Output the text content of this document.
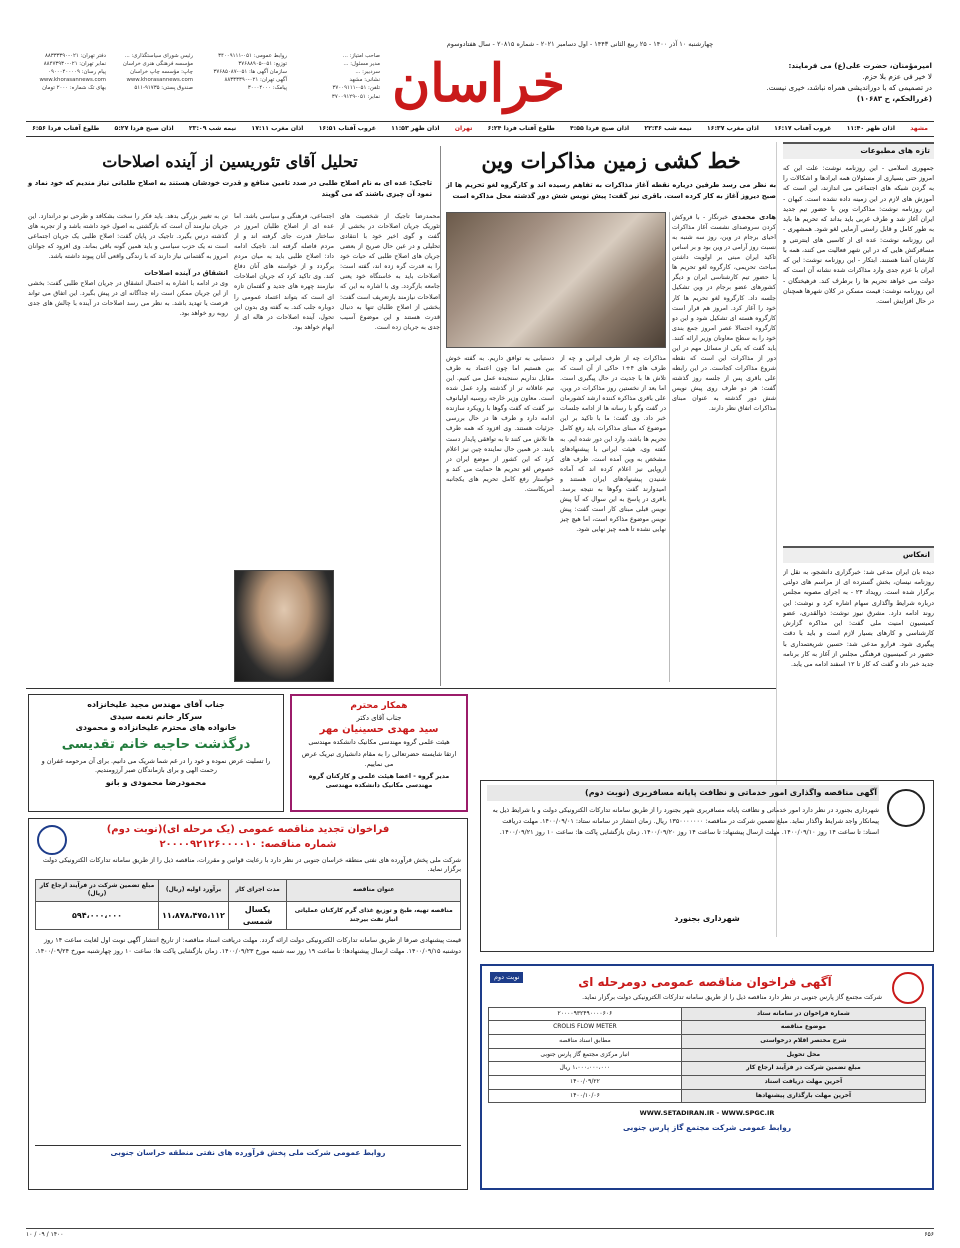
چهارشنبه ۱۰ آذر ۱۴۰۰ - ۲۵ ربیع الثانی ۱۴۴۳ - اول دسامبر ۲۰۲۱ - شماره ۲۰۸۱۵ - سال هفتادوسوم
خراسان	امیرمؤمنان، حضرت علی(ع) می فرمایند:
لا خیر فی عزم بلا حزم.
در تصمیمی که با دوراندیشی همراه نباشد، خیری نیست.
(غررالحکم، ح ۱۰۶۸۳)
صاحب امتیاز: ...
مدیر مسئول: ...
سردبیر: ...
نشانی: مشهد
تلفن: ۰۵۱-۳۷۰۰۹۱۱۱
نمابر: ۰۵۱-۳۷۰۰۹۱۲۹
روابط عمومی: ۰۵۱-۳۴۰۰۹۱۱۱
توزیع: ۰۵۱-۳۷۶۸۸۹۰۵
سازمان آگهی ها: ۰۵۱-۳۷۶۸۵۰۸۷
آگهی تهران: ۰۲۱-۸۸۳۳۳۳۹۰
پیامک: ۳۰۰۰۴۰۰۰
رئیس شورای سیاستگذاری: ...
مؤسسه فرهنگی هنری خراسان
چاپ: مؤسسه چاپ خراسان
www.khorasannews.com
صندوق پستی: ۹۱۷۳۵-۵۱۱
دفتر تهران: ۰۲۱-۸۸۳۳۳۳۹۰
نمابر تهران: ۰۲۱-۸۸۴۷۳۹۳۰
پیام رسان: ۰۹۰۰۰۴۰۰۰۰۹
www.khorasannews.com
بهای تک شماره: ۲۰۰۰ تومان
مشهد
اذان ظهر ۱۱:۴۰
غروب آفتاب ۱۶:۱۷
اذان مغرب ۱۶:۳۷
نیمه شب ۲۲:۳۶
اذان صبح فردا ۴:۵۵
طلوع آفتاب فردا ۶:۲۴
تهران
اذان ظهر ۱۱:۵۳
غروب آفتاب ۱۶:۵۱
اذان مغرب ۱۷:۱۱
نیمه شب ۲۳:۰۹
اذان صبح فردا ۵:۲۷
طلوع آفتاب فردا ۶:۵۶
تازه های مطبوعات
جمهوری اسلامی - این روزنامه نوشت: علت این که امروز حتی بسیاری از مسئولان همه ایرادها و اشکالات را به گردن شبکه های اجتماعی می اندازند، این است که آموزش های لازم در این زمینه داده نشده است. کیهان - این روزنامه نوشت: مذاکرات وین با حضور تیم جدید ایران آغاز شد و طرف غربی باید بداند که تحریم ها باید به طور کامل و قابل راستی آزمایی لغو شود. همشهری - این روزنامه نوشت: عده ای از کاسبی های اینترنتی و مسافرکش هایی که در این شهر فعالیت می کنند، همه با کارشان آشنا هستند. ابتکار - این روزنامه نوشت: این که ایران با عزم جدی وارد مذاکرات شده نشانه آن است که دولت می خواهد تحریم ها را برطرف کند. فرهیختگان - این روزنامه نوشت: قیمت مسکن در کلان شهرها همچنان در حال افزایش است.
انعکاس
دیده بان ایران مدعی شد: خبرگزاری دانشجو، به نقل از روزنامه نیسان، بخش گسترده ای از مراسم های دولتی برگزار شده است. رویداد ۲۴ - به اجرای مصوبه مجلس درباره شرایط واگذاری سهام اشاره کرد و نوشت: این روند ادامه دارد. مشرق نیوز نوشت: ذوالقدری، عضو کمیسیون امنیت ملی گفت: این مذاکره گزارش کارشناسی و کارهای بسیار لازم است و باید با دقت پیگیری شود. فرارو مدعی شد: حسین شریعتمداری با حضور در کمیسیون فرهنگی مجلس از آغاز به کار برنامه جدید خبر داد و گفت که کار تا ۱۲ اسفند ادامه می یابد.
خط کشی زمین مذاکرات وین
به نظر می رسد طرفین درباره نقطه آغاز مذاکرات به تفاهم رسیده اند و کارگروه لغو تحریم ها از صبح دیروز آغاز به کار کرده است. باقری نیز گفت: پیش نویس شش دور گذشته محل مذاکره است
هادی محمدی خبرنگار - با فروکش کردن سروصدای نشست آغاز مذاکرات احیای برجام در وین، روز سه شنبه به نسبت روز آرامی در وین بود و بر اساس تاکید ایران مبنی بر اولویت داشتن مباحث تحریمی، کارگروه لغو تحریم ها با حضور تیم کارشناسی ایران و دیگر کشورهای عضو برجام در وین تشکیل جلسه داد. کارگروه لغو تحریم ها کار خود را آغاز کرد. امروز هم قرار است کارگروه هسته ای تشکیل شود و این دو کارگروه احتمالا عصر امروز جمع بندی خود را به سطح معاونان وزیر ارائه کنند. باید گفت که یکی از مسائل مهم در این دور از مذاکرات این است که نقطه شروع مذاکرات کجاست. در این رابطه علی باقری پس از جلسه روز گذشته گفت: هر دو طرف روی پیش نویس شش دور گذشته به عنوان مبنای مذاکرات اتفاق نظر دارند.
مذاکرات چه از طرف ایرانی و چه از طرف های ۴+۱ حاکی از آن است که تلاش ها با جدیت در حال پیگیری است. اما بعد از نخستین روز مذاکرات در وین، علی باقری مذاکره کننده ارشد کشورمان در گفت وگو با رسانه ها از ادامه جلسات خبر داد. وی گفت: ما با تاکید بر این موضوع که مبنای مذاکرات باید رفع کامل تحریم ها باشد، وارد این دور شده ایم. به گفته وی، هیئت ایرانی با پیشنهادهای مشخص به وین آمده است. طرف های اروپایی نیز اعلام کرده اند که آماده شنیدن پیشنهادهای ایران هستند و امیدوارند گفت وگوها به نتیجه برسد. باقری در پاسخ به این سوال که آیا پیش نویس قبلی مبنای کار است گفت: پیش نویس موضوع مذاکره است، اما هیچ چیز نهایی نشده تا همه چیز نهایی شود.
دستیابی به توافق داریم. به گفته خوش بین هستیم اما چون اعتماد به طرف مقابل نداریم سنجیده عمل می کنیم. این تیم عاقلانه تر از گذشته وارد عمل شده است. معاون وزیر خارجه روسیه اولیانوف نیز گفت که گفت وگوها با رویکرد سازنده ادامه دارد و طرف ها در حال بررسی جزئیات هستند. وی افزود که همه طرف ها تلاش می کنند تا به توافقی پایدار دست یابند. در همین حال نماینده چین نیز اعلام کرد که این کشور از موضع ایران در خصوص لغو تحریم ها حمایت می کند و خواستار رفع کامل تحریم های یکجانبه آمریکاست.
تحلیل آقای تئوریسین از آینده اصلاحات
تاجیک: عده ای به نام اصلاح طلبی در صدد تامین منافع و قدرت خودشان هستند به اصلاح طلبانی نیاز مندیم که خود نماد و نمود آن چیزی باشند که می گویند
محمدرضا تاجیک از شخصیت های تئوریک جریان اصلاحات در بخشی از گفت و گوی اخیر خود با انتقادی تحلیلی و در عین حال صریح از بعضی جریان های اصلاح طلبی که حیات خود را به قدرت گره زده اند، گفته است: اصلاحات باید به خاستگاه خود یعنی جامعه بازگردد. وی با اشاره به این که اصلاحات نیازمند بازتعریف است گفت: بخشی از اصلاح طلبان تنها به دنبال قدرت هستند و این موضوع آسیب جدی به جریان زده است.
اجتماعی، فرهنگی و سیاسی باشد. اما عده ای از اصلاح طلبان امروز در ساختار قدرت جای گرفته اند و از مردم فاصله گرفته اند. تاجیک ادامه داد: اصلاح طلبی باید به میان مردم برگردد و از خواسته های آنان دفاع کند. وی تاکید کرد که جریان اصلاحات نیازمند چهره های جدید و گفتمان تازه ای است که بتواند اعتماد عمومی را دوباره جلب کند. به گفته وی بدون این تحول، آینده اصلاحات در هاله ای از ابهام خواهد بود.
تن به تغییر بزرگی بدهد. باید فکر را سخت بشکافد و طرحی نو دراندازد. این جریان نیازمند آن است که بازگشتی به اصول خود داشته باشد و از تجربه های گذشته درس بگیرد. تاجیک در پایان گفت: اصلاح طلبی یک جریان اجتماعی است نه یک حزب سیاسی و باید همین گونه باقی بماند. وی افزود که جوانان امروز به گفتمانی نیاز دارند که با زندگی واقعی آنان پیوند داشته باشد.
انشقاق در آینده اصلاحات
وی در ادامه با اشاره به احتمال انشقاق در جریان اصلاح طلبی گفت: بخشی از این جریان ممکن است راه جداگانه ای در پیش بگیرد. این اتفاق می تواند فرصت یا تهدید باشد. به نظر می رسد اصلاحات در آینده با چالش های جدی روبه رو خواهد بود.
همکار محترم
جناب آقای دکتر
سید مهدی حسینیان مهر
هیئت علمی گروه مهندسی مکانیک دانشکده مهندسی
ارتقا شایسته حضرتعالی را به مقام دانشیاری تبریک عرض می نماییم.
مدیر گروه - اعضا هیئت علمی و کارکنان گروه مهندسی مکانیک دانشکده مهندسی
جناب آقای مهندس مجید علیخانزاده
سرکار خانم نغمه سیدی
خانواده های محترم علیخانزاده و محمودی
درگذشت حاجیه خانم تقدیسی
را تسلیت عرض نموده و خود را در غم شما شریک می دانیم. برای آن مرحومه غفران و رحمت الهی و برای بازماندگان صبر آرزومندیم.
محمودرضا محمودی و بانو
فراخوان تجدید مناقصه عمومی (یک مرحله ای)(نوبت دوم)
شماره مناقصه: ۲۰۰۰۰۹۲۱۲۶۰۰۰۰۱۰
شرکت ملی پخش فرآورده های نفتی منطقه خراسان جنوبی در نظر دارد با رعایت قوانین و مقررات، مناقصه ذیل را از طریق سامانه تدارکات الکترونیکی دولت برگزار نماید.
عنوان مناقصه	مدت اجرای کار	برآورد اولیه (ریال)	مبلغ تضمین شرکت در فرآیند ارجاع کار (ریال)
مناقصه تهیه، طبخ و توزیع غذای گرم کارکنان عملیاتی انبار نفت بیرجند	یکسال شمسی	۱۱،۸۷۸،۴۷۵،۱۱۲	۵۹۴،۰۰۰،۰۰۰
قیمت پیشنهادی صرفا از طریق سامانه تدارکات الکترونیکی دولت ارائه گردد. مهلت دریافت اسناد مناقصه: از تاریخ انتشار آگهی نوبت اول لغایت ساعت ۱۴ روز دوشنبه ۱۴۰۰/۰۹/۱۵. مهلت ارسال پیشنهادها: تا ساعت ۱۹ روز سه شنبه مورخ ۱۴۰۰/۰۹/۲۳. زمان بازگشایی پاکت ها: ساعت ۱۰ روز چهارشنبه مورخ ۱۴۰۰/۰۹/۲۴.
روابط عمومی شرکت ملی پخش فرآورده های نفتی منطقه خراسان جنوبی
آگهی مناقصه واگذاری امور خدماتی و نظافت پایانه مسافربری (نوبت دوم)
شهرداری بجنورد در نظر دارد امور خدماتی و نظافت پایانه مسافربری شهر بجنورد را از طریق سامانه تدارکات الکترونیکی دولت و با شرایط ذیل به پیمانکار واجد شرایط واگذار نماید. مبلغ تضمین شرکت در مناقصه: ۱۳۵۰۰۰۰۰۰۰ ریال. زمان انتشار در سامانه ستاد: ۱۴۰۰/۰۹/۰۱. مهلت دریافت اسناد: تا ساعت ۱۴ روز ۱۴۰۰/۰۹/۱۰. مهلت ارسال پیشنهاد: تا ساعت ۱۴ روز ۱۴۰۰/۰۹/۲۰. زمان بازگشایی پاکت ها: ساعت ۱۰ روز ۱۴۰۰/۰۹/۲۱.
شهرداری بجنورد
نوبت دوم	آگهی فراخوان مناقصه عمومی دومرحله ای
شرکت مجتمع گاز پارس جنوبی در نظر دارد مناقصه ذیل را از طریق سامانه تدارکات الکترونیکی دولت برگزار نماید.
شماره فراخوان در سامانه ستاد	۲۰۰۰۰۹۳۲۴۹۰۰۰۰۶۰۶
موضوع مناقصه	CROLIS FLOW METER
شرح مختصر اقلام درخواستی	مطابق اسناد مناقصه
محل تحویل	انبار مرکزی مجتمع گاز پارس جنوبی
مبلغ تضمین شرکت در فرآیند ارجاع کار	۱،۰۰۰،۰۰۰،۰۰۰ ریال
آخرین مهلت دریافت اسناد	۱۴۰۰/۰۹/۲۲
آخرین مهلت بارگذاری پیشنهادها	۱۴۰۰/۱۰/۰۶
WWW.SETADIRAN.IR - WWW.SPGC.IR
روابط عمومی شرکت مجتمع گاز پارس جنوبی
۶۵۶
۱۴۰۰ / ۰۹ / ۱۰
